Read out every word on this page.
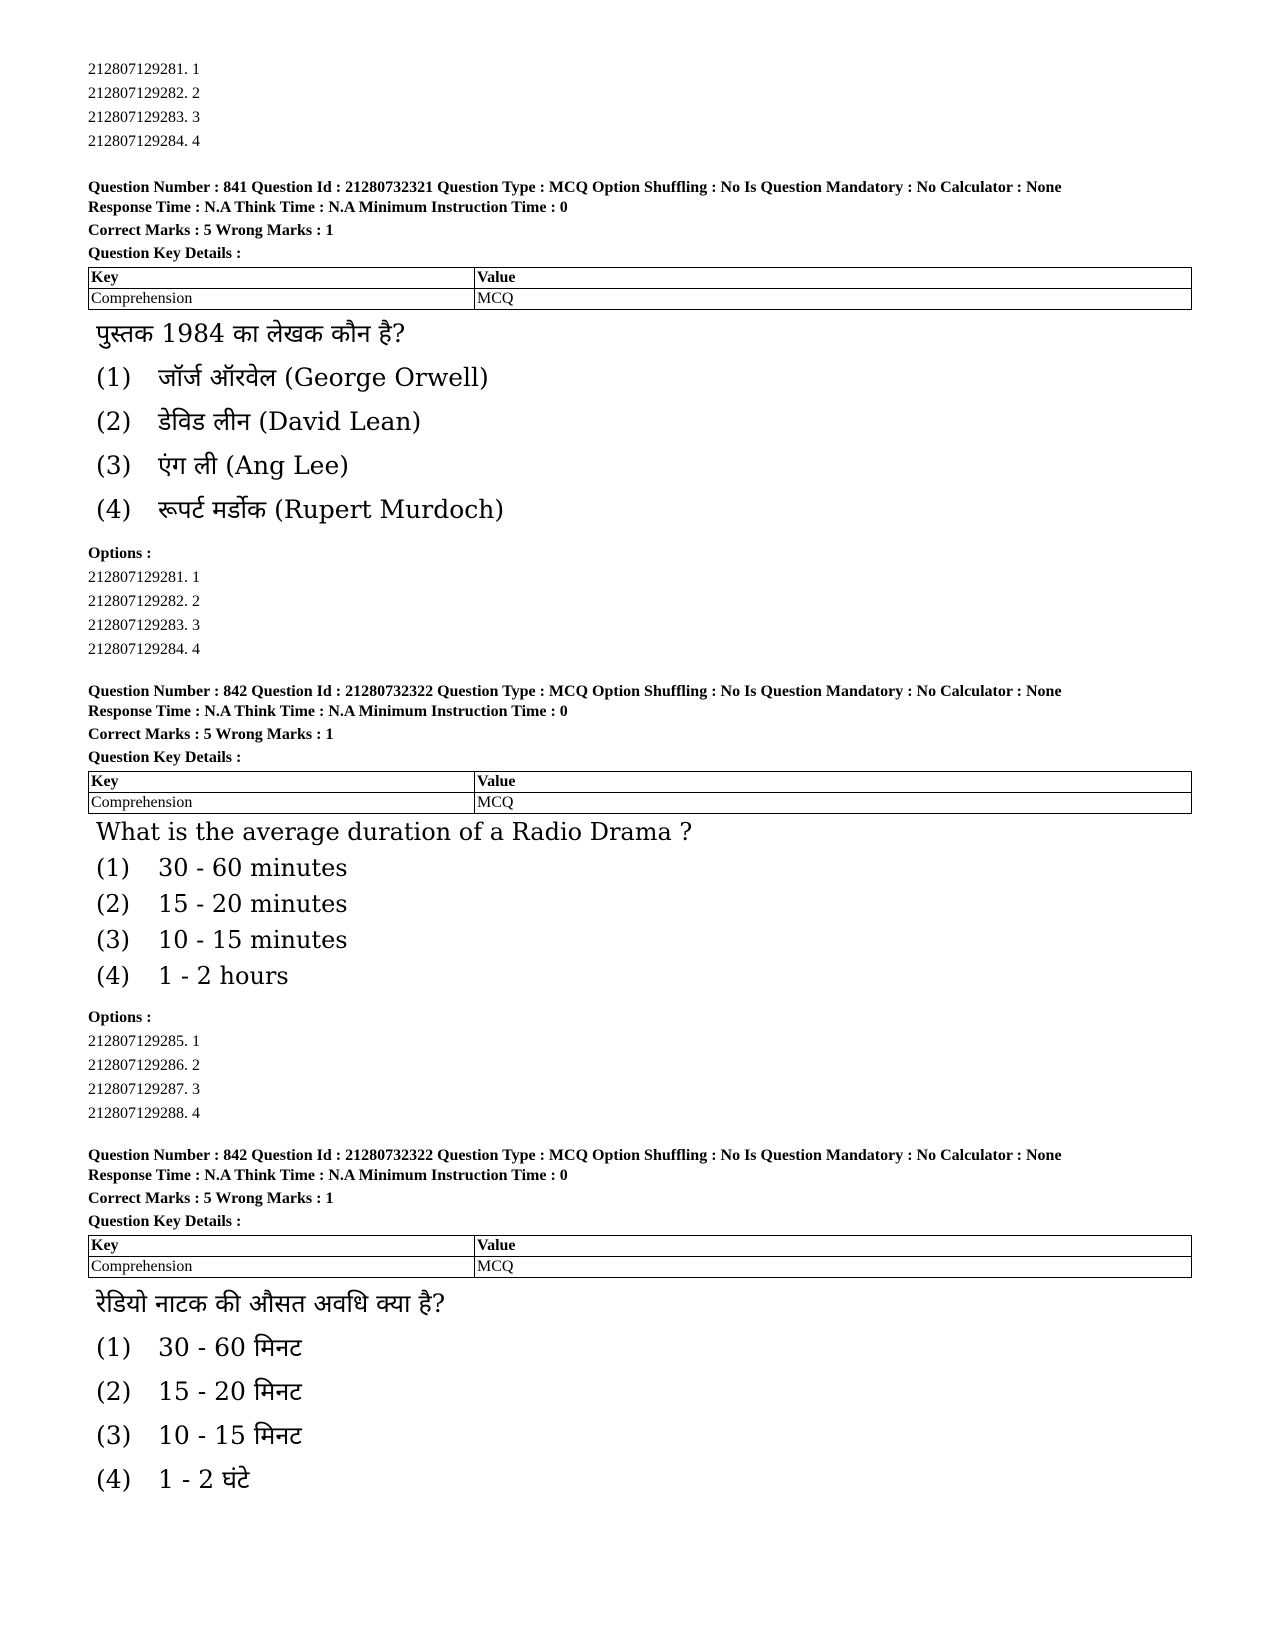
212807129281. 1
212807129282. 2
212807129283. 3
212807129284. 4
Question Number : 841 Question Id : 21280732321 Question Type : MCQ Option Shuffling : No Is Question Mandatory : No Calculator : None
Response Time : N.A Think Time : N.A Minimum Instruction Time : 0
Correct Marks : 5 Wrong Marks : 1
Question Key Details :
Key	Value
Comprehension	MCQ
पुस्तक 1984 का लेखक कौन है?
(1)	जॉर्ज ऑरवेल (George Orwell)
(2)	डेविड लीन (David Lean)
(3)	एंग ली (Ang Lee)
(4)	रूपर्ट मर्डोक (Rupert Murdoch)
Options :
212807129281. 1
212807129282. 2
212807129283. 3
212807129284. 4
Question Number : 842 Question Id : 21280732322 Question Type : MCQ Option Shuffling : No Is Question Mandatory : No Calculator : None
Response Time : N.A Think Time : N.A Minimum Instruction Time : 0
Correct Marks : 5 Wrong Marks : 1
Question Key Details :
Key	Value
Comprehension	MCQ
What is the average duration of a Radio Drama ?
(1)	30 - 60 minutes
(2)	15 - 20 minutes
(3)	10 - 15 minutes
(4)	1 - 2 hours
Options :
212807129285. 1
212807129286. 2
212807129287. 3
212807129288. 4
Question Number : 842 Question Id : 21280732322 Question Type : MCQ Option Shuffling : No Is Question Mandatory : No Calculator : None
Response Time : N.A Think Time : N.A Minimum Instruction Time : 0
Correct Marks : 5 Wrong Marks : 1
Question Key Details :
Key	Value
Comprehension	MCQ
रेडियो नाटक की औसत अवधि क्या है?
(1)	30 - 60 मिनट
(2)	15 - 20 मिनट
(3)	10 - 15 मिनट
(4)	1 - 2 घंटे
